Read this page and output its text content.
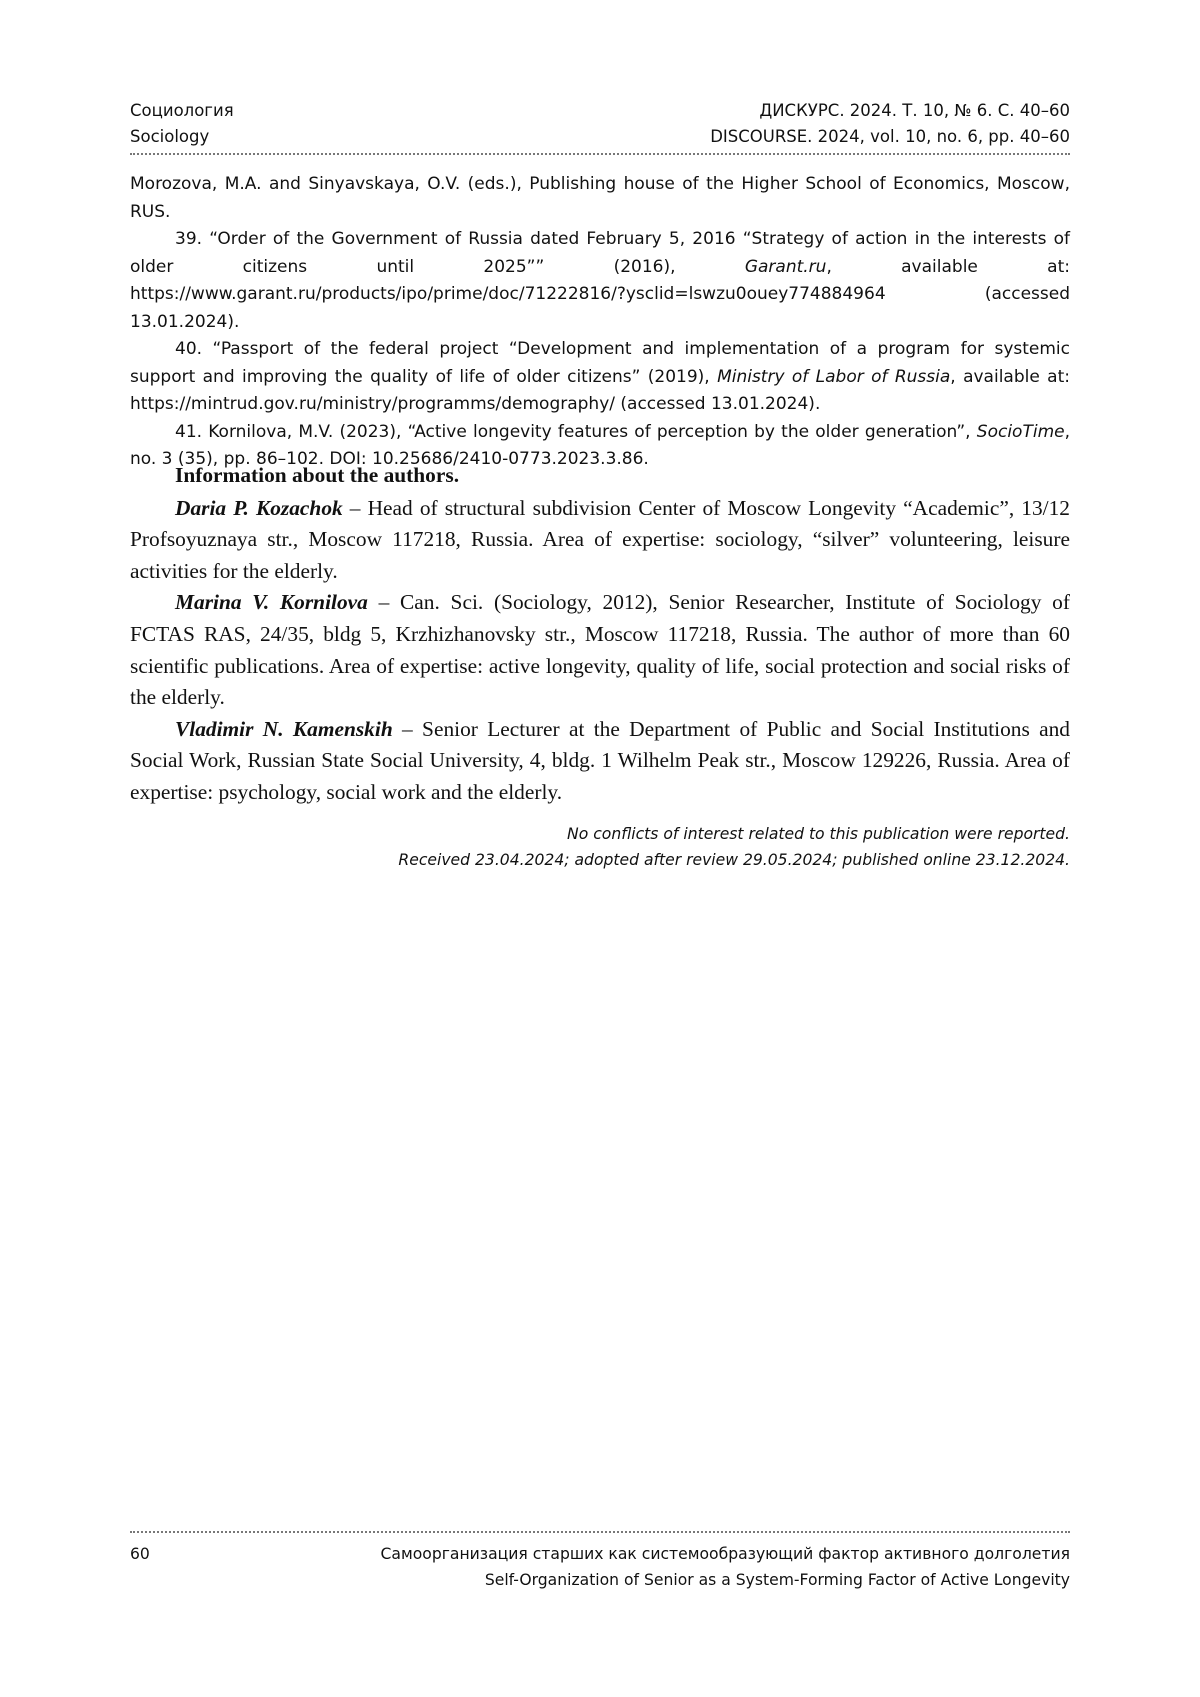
Социология	ДИСКУРС. 2024. Т. 10, № 6. С. 40–60
Sociology	DISCOURSE. 2024, vol. 10, no. 6, pp. 40–60

Morozova, M.A. and Sinyavskaya, O.V. (eds.), Publishing house of the Higher School of Economics, Moscow, RUS.

39. “Order of the Government of Russia dated February 5, 2016 “Strategy of action in the interests of older citizens until 2025”” (2016), Garant.ru, available at: https://www.garant.ru/products/ipo/prime/doc/71222816/?ysclid=lswzu0ouey774884964 (accessed 13.01.2024).

40. “Passport of the federal project “Development and implementation of a program for systemic support and improving the quality of life of older citizens” (2019), Ministry of Labor of Russia, available at: https://mintrud.gov.ru/ministry/programms/demography/ (accessed 13.01.2024).

41. Kornilova, M.V. (2023), “Active longevity features of perception by the older generation”, SocioTime, no. 3 (35), pp. 86–102. DOI: 10.25686/2410-0773.2023.3.86.

Information about the authors.

Daria P. Kozachok – Head of structural subdivision Center of Moscow Longevity “Academic”, 13/12 Profsoyuznaya str., Moscow 117218, Russia. Area of expertise: sociology, “silver” volunteering, leisure activities for the elderly.

Marina V. Kornilova – Can. Sci. (Sociology, 2012), Senior Researcher, Institute of Sociology of FCTAS RAS, 24/35, bldg 5, Krzhizhanovsky str., Moscow 117218, Russia. The author of more than 60 scientific publications. Area of expertise: active longevity, quality of life, social protection and social risks of the elderly.

Vladimir N. Kamenskih – Senior Lecturer at the Department of Public and Social Institutions and Social Work, Russian State Social University, 4, bldg. 1 Wilhelm Peak str., Moscow 129226, Russia. Area of expertise: psychology, social work and the elderly.

No conflicts of interest related to this publication were reported.

Received 23.04.2024; adopted after review 29.05.2024; published online 23.12.2024.

60	Самоорганизация старших как системообразующий фактор активного долголетия
Self-Organization of Senior as a System-Forming Factor of Active Longevity
